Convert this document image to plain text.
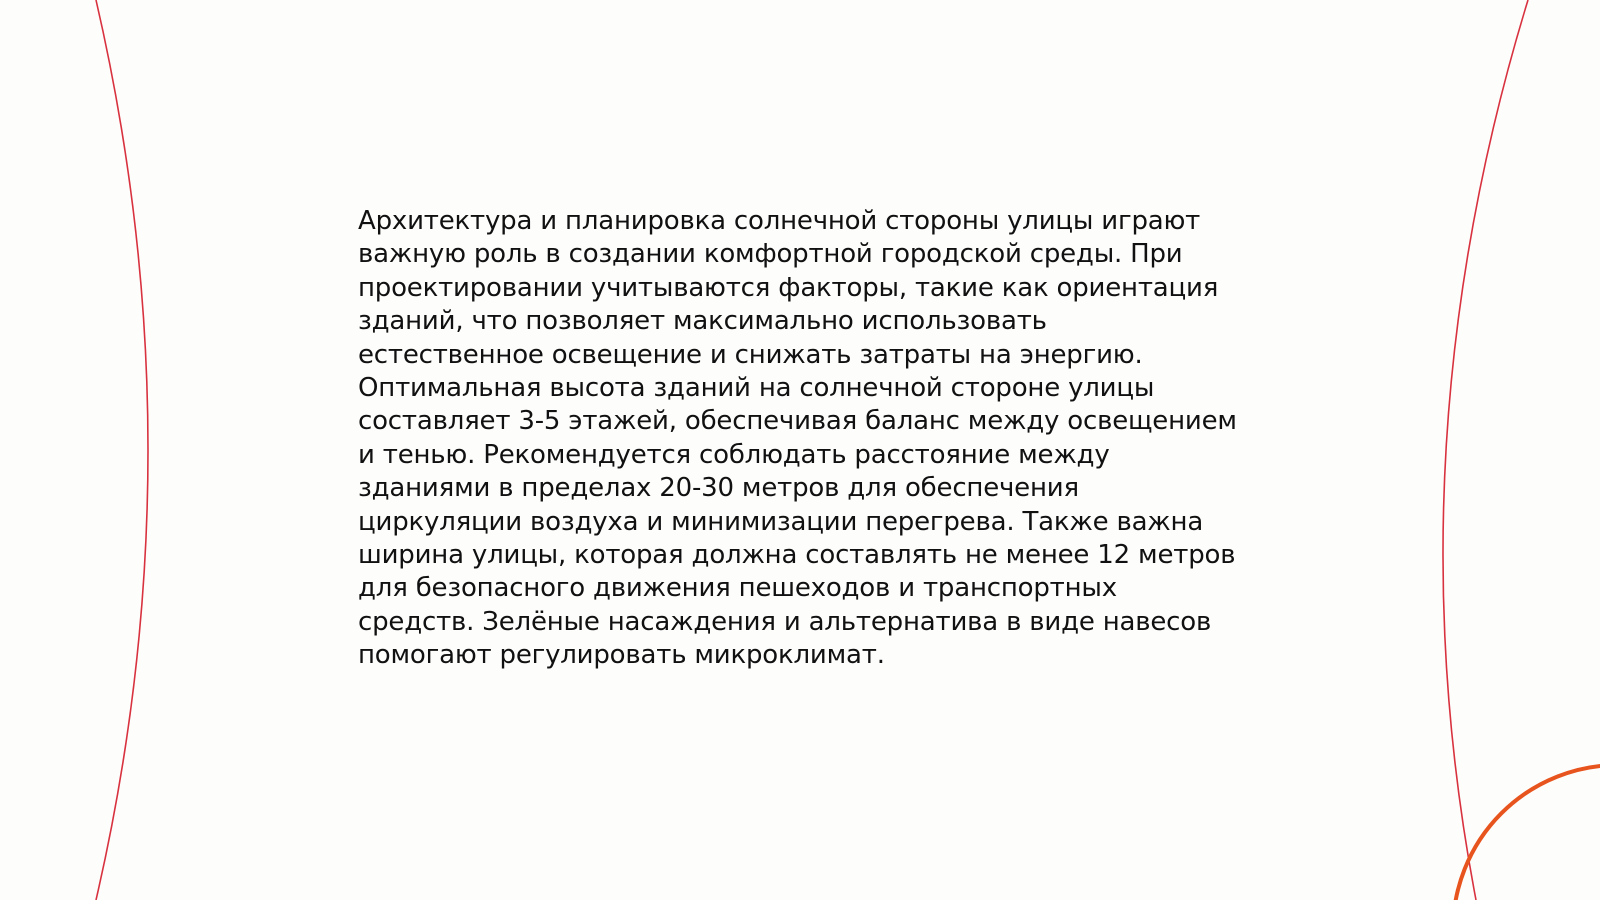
Архитектура и планировка солнечной стороны улицы играют
важную роль в создании комфортной городской среды. При
проектировании учитываются факторы, такие как ориентация
зданий, что позволяет максимально использовать
естественное освещение и снижать затраты на энергию.
Оптимальная высота зданий на солнечной стороне улицы
составляет 3-5 этажей, обеспечивая баланс между освещением
и тенью. Рекомендуется соблюдать расстояние между
зданиями в пределах 20-30 метров для обеспечения
циркуляции воздуха и минимизации перегрева. Также важна
ширина улицы, которая должна составлять не менее 12 метров
для безопасного движения пешеходов и транспортных
средств. Зелёные насаждения и альтернатива в виде навесов
помогают регулировать микроклимат.
